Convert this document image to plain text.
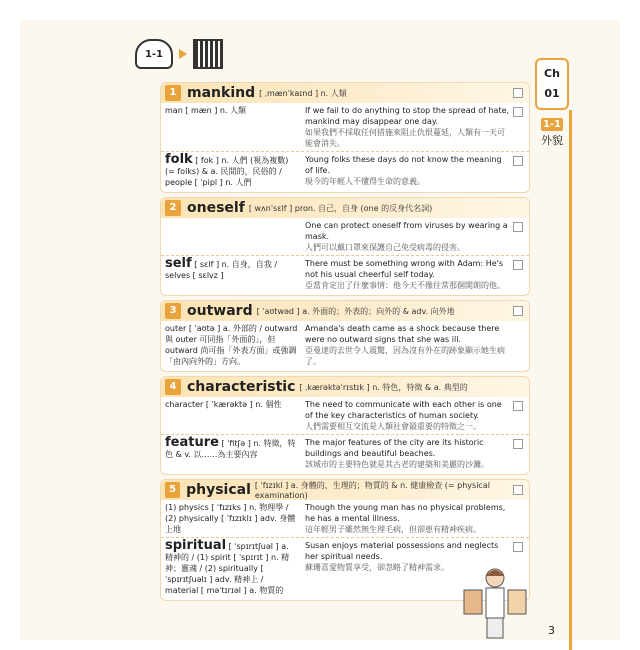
1-1
1 mankind [ ˌmænˈkaɪnd ] n. 人類
man [ mæn ] n. 人類	If we fail to do anything to stop the spread of hate, mankind may disappear one day.
如果我們不採取任何措施來阻止仇恨蔓延，人類有一天可能會消失。
folk [ fok ] n. 人們 (視為複數) (= folks) & a. 民間的，民俗的 / people [ ˈpipl ] n. 人們
Young folks these days do not know the meaning of life.
現今的年輕人不懂得生命的意義。
2 oneself [ wʌnˈsɛlf ] pron. 自己，自身 (one 的反身代名詞)
One can protect oneself from viruses by wearing a mask.
人們可以戴口罩來保護自己免受病毒的侵害。
self [ sɛlf ] n. 自身，自我 / selves [ sɛlvz ]
There must be something wrong with Adam: He's not his usual cheerful self today.
亞當肯定出了什麼事情：他今天不像往常那個開朗的他。
3 outward [ ˈaʊtwəd ] a. 外面的；外表的；向外的 & adv. 向外地
outer [ ˈaʊtə ] a. 外部的 / outward 與 outer 可同指「外面的」，但 outward 尚可指「外表方面」或強調「由內向外的」方向。
Amanda's death came as a shock because there were no outward signs that she was ill.
亞曼達的去世令人震驚，因為沒有外在的跡象顯示她生病了。
4 characteristic [ ˌkærəktəˈrɪstɪk ] n. 特色，特徵 & a. 典型的
character [ ˈkærəktə ] n. 個性	The need to communicate with each other is one of the key characteristics of human society.
人們需要相互交流是人類社會最重要的特徵之一。
feature [ ˈfitʃə ] n. 特徵，特色 & v. 以……為主要內容
The major features of the city are its historic buildings and beautiful beaches.
該城市的主要特色就是其古老的建築和美麗的沙灘。
5 physical [ ˈfɪzɪkl ] a. 身體的，生理的；物質的 & n. 健康檢查 (= physical examination)
(1) physics [ ˈfɪzɪks ] n. 物理學 / (2) physically [ ˈfɪzɪklɪ ] adv. 身體上地
Though the young man has no physical problems, he has a mental illness.
這年輕男子雖然無生理毛病，但卻患有精神疾病。
spiritual [ ˈspɪrɪtʃuəl ] a. 精神的 / (1) spirit [ ˈspɪrɪt ] n. 精神；靈魂 / (2) spiritually [ ˈspɪrɪtʃuəlɪ ] adv. 精神上 / material [ məˈtɪrɪəl ] a. 物質的
Susan enjoys material possessions and neglects her spiritual needs.
蘇珊喜愛物質享受，卻忽略了精神需求。
Ch
01
1-1
外貌
3
